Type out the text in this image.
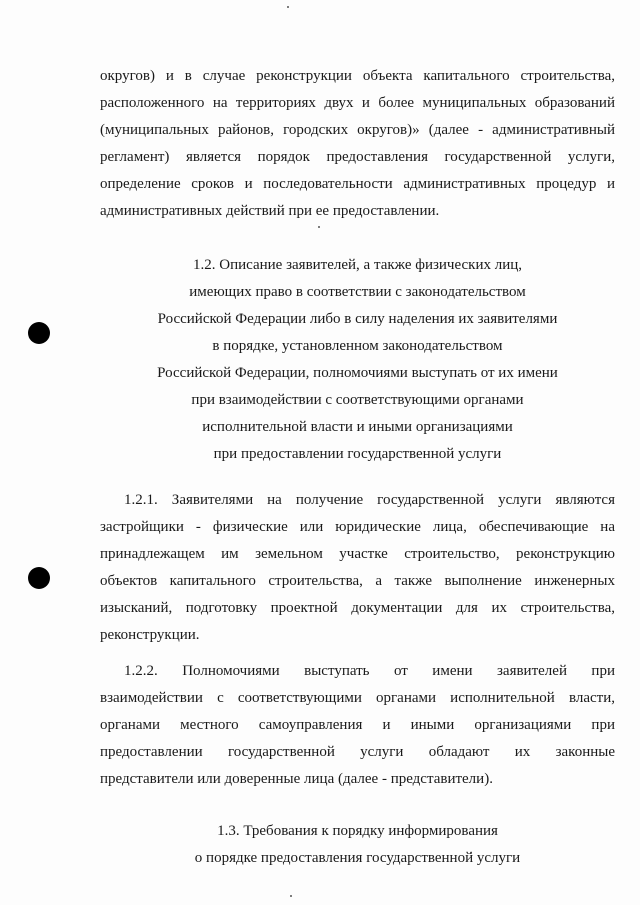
округов) и в случае реконструкции объекта капитального строительства,
расположенного на территориях двух и более муниципальных образований
(муниципальных районов, городских округов)» (далее - административный
регламент) является порядок предоставления государственной услуги,
определение сроков и последовательности административных процедур и
административных действий при ее предоставлении.
1.2. Описание заявителей, а также физических лиц,
имеющих право в соответствии с законодательством
Российской Федерации либо в силу наделения их заявителями
в порядке, установленном законодательством
Российской Федерации, полномочиями выступать от их имени
при взаимодействии с соответствующими органами
исполнительной власти и иными организациями
при предоставлении государственной услуги
1.2.1. Заявителями на получение государственной услуги являются
застройщики - физические или юридические лица, обеспечивающие на
принадлежащем им земельном участке строительство, реконструкцию
объектов капитального строительства, а также выполнение инженерных
изысканий, подготовку проектной документации для их строительства,
реконструкции.
1.2.2. Полномочиями выступать от имени заявителей при
взаимодействии с соответствующими органами исполнительной власти,
органами местного самоуправления и иными организациями при
предоставлении государственной услуги обладают их законные
представители или доверенные лица (далее - представители).
1.3. Требования к порядку информирования
о порядке предоставления государственной услуги
